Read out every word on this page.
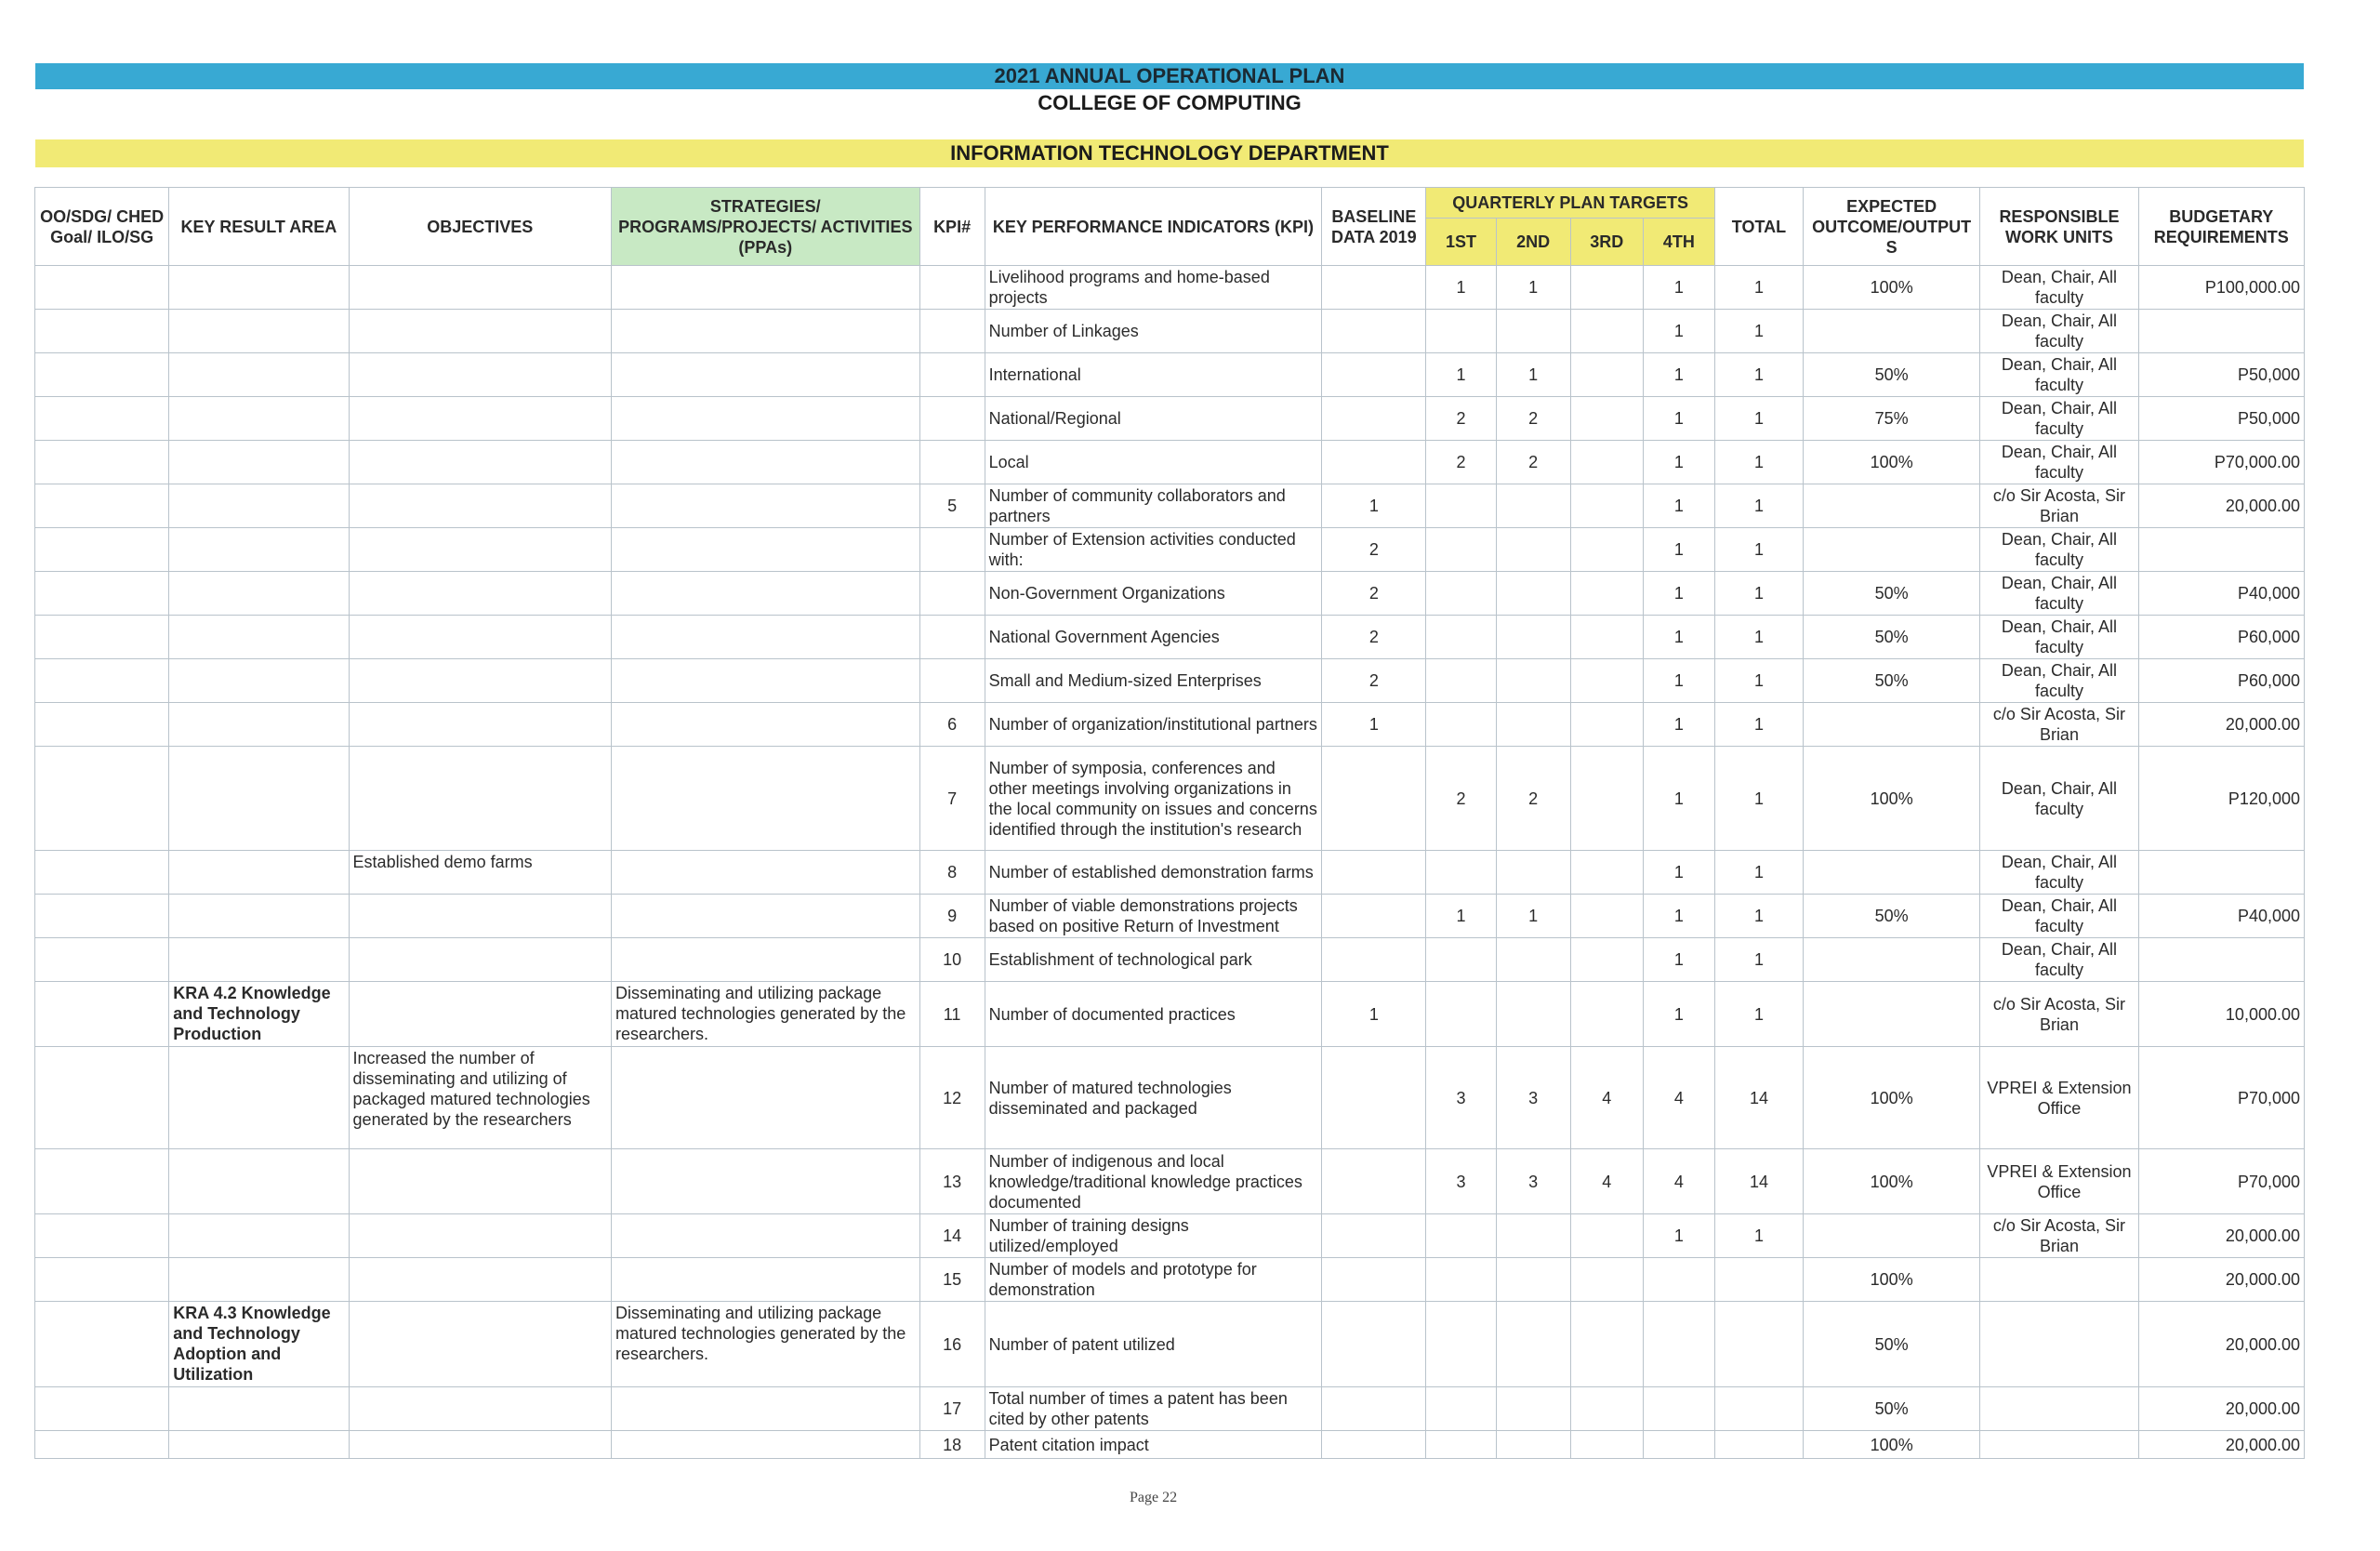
2021 ANNUAL OPERATIONAL PLAN
COLLEGE OF COMPUTING
INFORMATION TECHNOLOGY DEPARTMENT
OO/SDG/ CHED Goal/ ILO/SG	KEY RESULT AREA	OBJECTIVES	STRATEGIES/ PROGRAMS/PROJECTS/ ACTIVITIES (PPAs)	KPI#	KEY PERFORMANCE INDICATORS (KPI)	BASELINE DATA 2019	QUARTERLY PLAN TARGETS				TOTAL	EXPECTED OUTCOME/OUTPUT S	RESPONSIBLE WORK UNITS	BUDGETARY REQUIREMENTS
							1ST	2ND	3RD	4TH				
					Livelihood programs and home-based projects		1	1		1	1	100%	Dean, Chair, All faculty	P100,000.00
					Number of Linkages					1	1		Dean, Chair, All faculty	
					International		1	1		1	1	50%	Dean, Chair, All faculty	P50,000
					National/Regional		2	2		1	1	75%	Dean, Chair, All faculty	P50,000
					Local		2	2		1	1	100%	Dean, Chair, All faculty	P70,000.00
				5	Number of community collaborators and partners	1				1	1		c/o Sir Acosta, Sir Brian	20,000.00
					Number of Extension activities conducted with:	2				1	1		Dean, Chair, All faculty	
					Non-Government Organizations	2				1	1	50%	Dean, Chair, All faculty	P40,000
					National Government Agencies	2				1	1	50%	Dean, Chair, All faculty	P60,000
					Small and Medium-sized Enterprises	2				1	1	50%	Dean, Chair, All faculty	P60,000
				6	Number of organization/institutional partners	1				1	1		c/o Sir Acosta, Sir Brian	20,000.00
				7	Number of symposia, conferences and other meetings involving organizations in the local community on issues and concerns identified through the institution's research		2	2		1	1	100%	Dean, Chair, All faculty	P120,000
		Established demo farms		8	Number of established demonstration farms					1	1		Dean, Chair, All faculty	
				9	Number of viable demonstrations projects based on positive Return of Investment		1	1		1	1	50%	Dean, Chair, All faculty	P40,000
				10	Establishment of technological park					1	1		Dean, Chair, All faculty	
	KRA 4.2 Knowledge and Technology Production		Disseminating and utilizing package matured technologies generated by the researchers.	11	Number of documented practices	1				1	1		c/o Sir Acosta, Sir Brian	10,000.00
		Increased the number of disseminating and utilizing of packaged matured technologies generated by the researchers		12	Number of matured technologies disseminated and packaged		3	3	4	4	14	100%	VPREI & Extension Office	P70,000
				13	Number of indigenous and local knowledge/traditional knowledge practices documented		3	3	4	4	14	100%	VPREI & Extension Office	P70,000
				14	Number of training designs utilized/employed					1	1		c/o Sir Acosta, Sir Brian	20,000.00
				15	Number of models and prototype for demonstration							100%		20,000.00
	KRA 4.3 Knowledge and Technology Adoption and Utilization		Disseminating and utilizing package matured technologies generated by the researchers.	16	Number of patent utilized							50%		20,000.00
				17	Total number of times a patent has been cited by other patents							50%		20,000.00
				18	Patent citation impact							100%		20,000.00
Page 22
